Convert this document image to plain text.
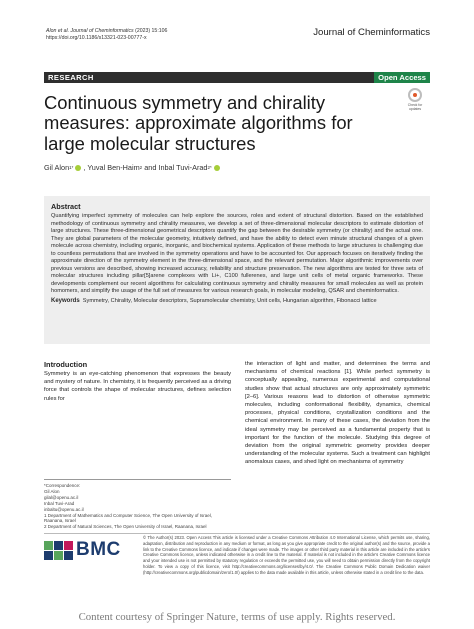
Alon et al. Journal of Cheminformatics (2023) 15:106
https://doi.org/10.1186/s13321-023-00777-x	Journal of Cheminformatics
RESEARCH	Open Access
Check for updates
Continuous symmetry and chirality measures: approximate algorithms for large molecular structures
Gil Alon 1* , Yuval Ben-Haim 2 and Inbal Tuvi-Arad 2*
Abstract
Quantifying imperfect symmetry of molecules can help explore the sources, roles and extent of structural distortion. Based on the established methodology of continuous symmetry and chirality measures, we develop a set of three-dimensional molecular descriptors to estimate distortion of large structures. These three-dimensional geometrical descriptors quantify the gap between the desirable symmetry (or chirality) and the actual one. They are global parameters of the molecular geometry, intuitively defined, and have the ability to detect even minute structural changes of a given molecule across chemistry, including organic, inorganic, and biochemical systems. Application of these methods to large structures is challenging due to countless permutations that are involved in the symmetry operations and have to be accounted for. Our approach focuses on iteratively finding the approximate direction of the symmetry element in the three-dimensional space, and the relevant permutation. Major algorithmic improvements over previous versions are described, showing increased accuracy, reliability and structure preservation. The new algorithms are tested for three sets of molecular structures including pillar[5]arene complexes with Li+, C100 fullerenes, and large unit cells of metal organic frameworks. These developments complement our recent algorithms for calculating continuous symmetry and chirality measures for small molecules as well as protein homomers, and simplify the usage of the full set of measures for various research goals, in molecular modeling, QSAR and cheminformatics.
Keywords Symmetry, Chirality, Molecular descriptors, Supramolecular chemistry, Unit cells, Hungarian algorithm, Fibonacci lattice
Introduction
Symmetry is an eye-catching phenomenon that expresses the beauty and mystery of nature. In chemistry, it is frequently perceived as a driving force that controls the shape of molecular structures, defines selection rules for
*Correspondence:
Gil Alon
gilal@openu.ac.il
Inbal Tuvi-Arad
inbaltu@openu.ac.il
1 Department of Mathematics and Computer Science, The Open University of Israel, Raanana, Israel
2 Department of Natural Sciences, The Open University of Israel, Raanana, Israel
the interaction of light and matter, and determines the terms and mechanisms of chemical reactions [1]. While perfect symmetry is conceptually appealing, numerous experimental and computational studies show that actual structures are only approximately symmetric [2–6]. Various reasons lead to distortion of otherwise symmetric molecules, including conformational flexibility, dynamics, chemical processes, physical conditions, crystallization conditions and the chemical environment. In many of these cases, the deviation from the ideal symmetry may be perceived as a fundamental property that is important for the function of the molecule. Studying this degree of deviation from the original symmetric geometry provides deeper understanding of the molecular systems. Such a treatment can highlight anomalous cases, and shed light on mechanisms of symmetry
BMC
© The Author(s) 2023. Open Access This article is licensed under a Creative Commons Attribution 4.0 International License, which permits use, sharing, adaptation, distribution and reproduction in any medium or format, as long as you give appropriate credit to the original author(s) and the source, provide a link to the Creative Commons licence, and indicate if changes were made. The images or other third party material in this article are included in the article's Creative Commons licence, unless indicated otherwise in a credit line to the material. If material is not included in the article's Creative Commons licence and your intended use is not permitted by statutory regulation or exceeds the permitted use, you will need to obtain permission directly from the copyright holder. To view a copy of this licence, visit http://creativecommons.org/licenses/by/4.0/. The Creative Commons Public Domain Dedication waiver (http://creativecommons.org/publicdomain/zero/1.0/) applies to the data made available in this article, unless otherwise stated in a credit line to the data.
Content courtesy of Springer Nature, terms of use apply. Rights reserved.
